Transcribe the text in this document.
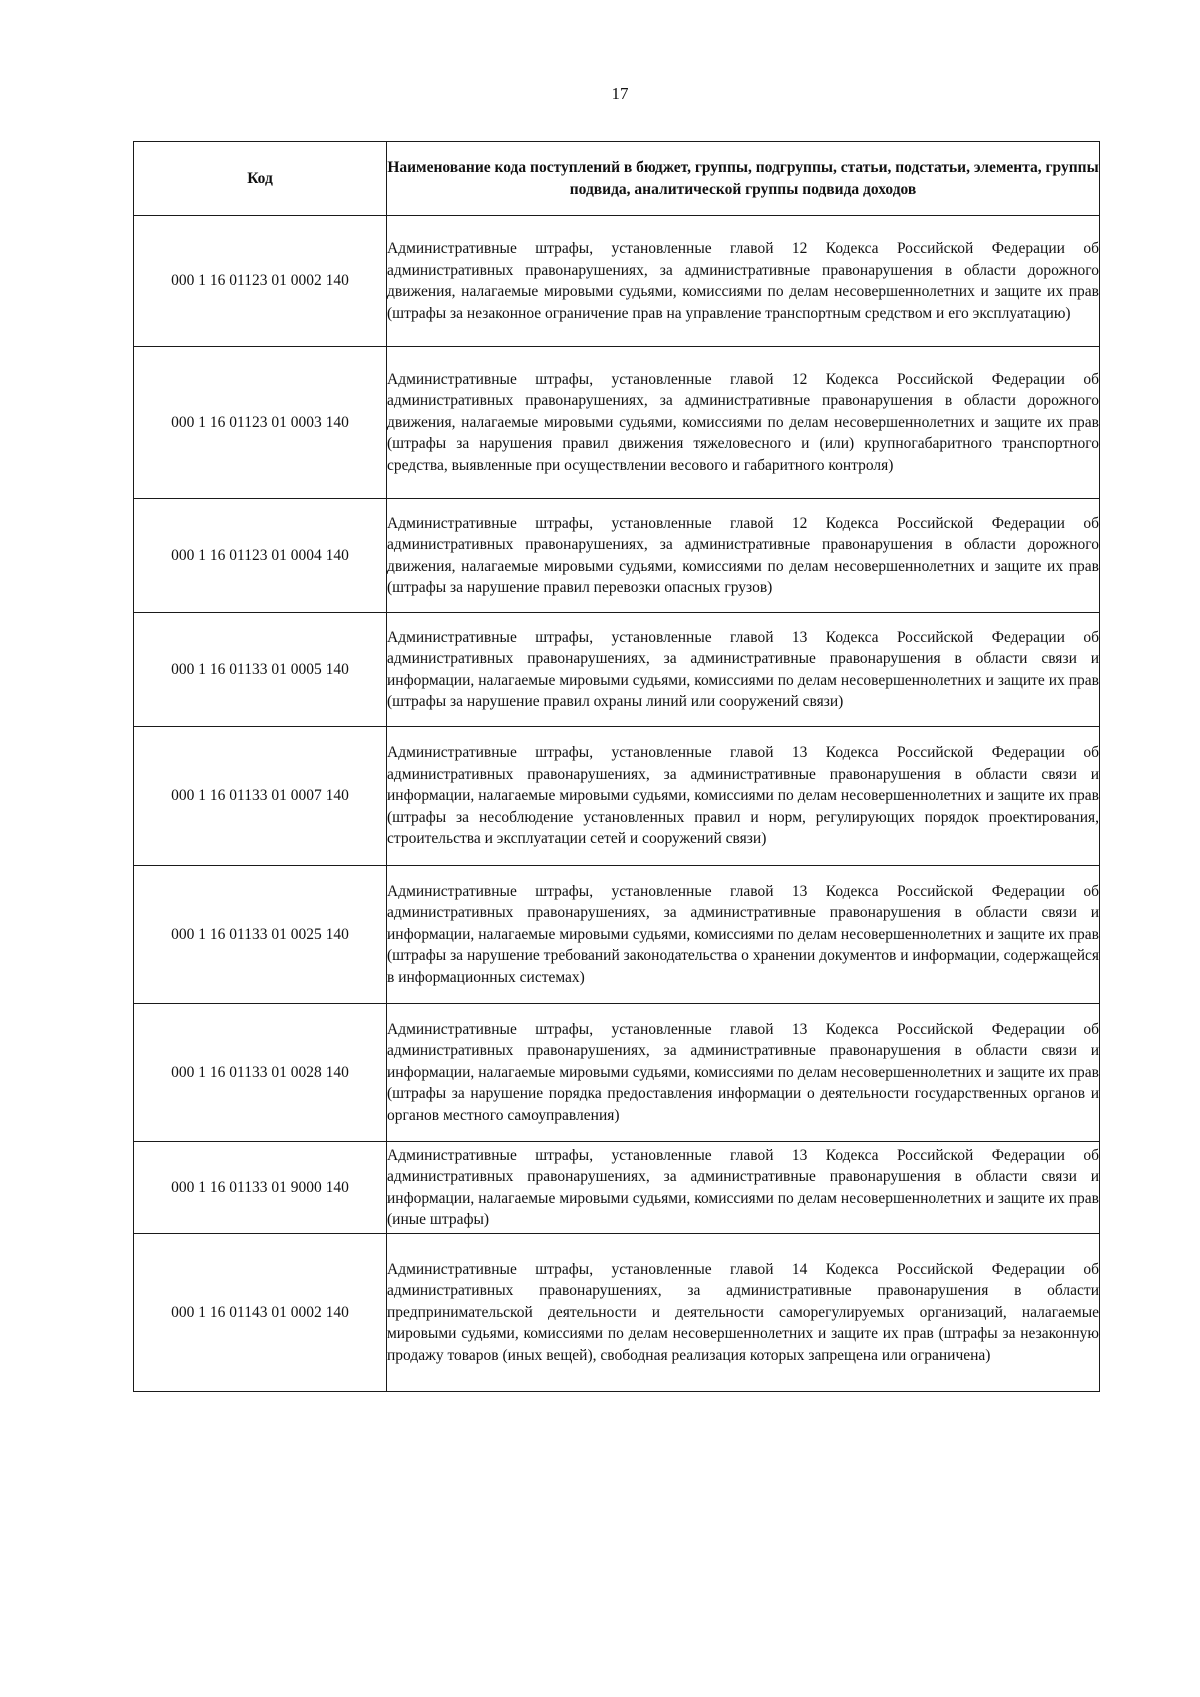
17
Код	Наименование кода поступлений в бюджет, группы, подгруппы, статьи, подстатьи, элемента, группы подвида, аналитической группы подвида доходов
000 1 16 01123 01 0002 140	Административные штрафы, установленные главой 12 Кодекса Российской Федерации об административных правонарушениях, за административные правонарушения в области дорожного движения, налагаемые мировыми судьями, комиссиями по делам несовершеннолетних и защите их прав (штрафы за незаконное ограничение прав на управление транспортным средством и его эксплуатацию)
000 1 16 01123 01 0003 140	Административные штрафы, установленные главой 12 Кодекса Российской Федерации об административных правонарушениях, за административные правонарушения в области дорожного движения, налагаемые мировыми судьями, комиссиями по делам несовершеннолетних и защите их прав (штрафы за нарушения правил движения тяжеловесного и (или) крупногабаритного транспортного средства, выявленные при осуществлении весового и габаритного контроля)
000 1 16 01123 01 0004 140	Административные штрафы, установленные главой 12 Кодекса Российской Федерации об административных правонарушениях, за административные правонарушения в области дорожного движения, налагаемые мировыми судьями, комиссиями по делам несовершеннолетних и защите их прав (штрафы за нарушение правил перевозки опасных грузов)
000 1 16 01133 01 0005 140	Административные штрафы, установленные главой 13 Кодекса Российской Федерации об административных правонарушениях, за административные правонарушения в области связи и информации, налагаемые мировыми судьями, комиссиями по делам несовершеннолетних и защите их прав (штрафы за нарушение правил охраны линий или сооружений связи)
000 1 16 01133 01 0007 140	Административные штрафы, установленные главой 13 Кодекса Российской Федерации об административных правонарушениях, за административные правонарушения в области связи и информации, налагаемые мировыми судьями, комиссиями по делам несовершеннолетних и защите их прав (штрафы за несоблюдение установленных правил и норм, регулирующих порядок проектирования, строительства и эксплуатации сетей и сооружений связи)
000 1 16 01133 01 0025 140	Административные штрафы, установленные главой 13 Кодекса Российской Федерации об административных правонарушениях, за административные правонарушения в области связи и информации, налагаемые мировыми судьями, комиссиями по делам несовершеннолетних и защите их прав (штрафы за нарушение требований законодательства о хранении документов и информации, содержащейся в информационных системах)
000 1 16 01133 01 0028 140	Административные штрафы, установленные главой 13 Кодекса Российской Федерации об административных правонарушениях, за административные правонарушения в области связи и информации, налагаемые мировыми судьями, комиссиями по делам несовершеннолетних и защите их прав (штрафы за нарушение порядка предоставления информации о деятельности государственных органов и органов местного самоуправления)
000 1 16 01133 01 9000 140	Административные штрафы, установленные главой 13 Кодекса Российской Федерации об административных правонарушениях, за административные правонарушения в области связи и информации, налагаемые мировыми судьями, комиссиями по делам несовершеннолетних и защите их прав (иные штрафы)
000 1 16 01143 01 0002 140	Административные штрафы, установленные главой 14 Кодекса Российской Федерации об административных правонарушениях, за административные правонарушения в области предпринимательской деятельности и деятельности саморегулируемых организаций, налагаемые мировыми судьями, комиссиями по делам несовершеннолетних и защите их прав (штрафы за незаконную продажу товаров (иных вещей), свободная реализация которых запрещена или ограничена)
